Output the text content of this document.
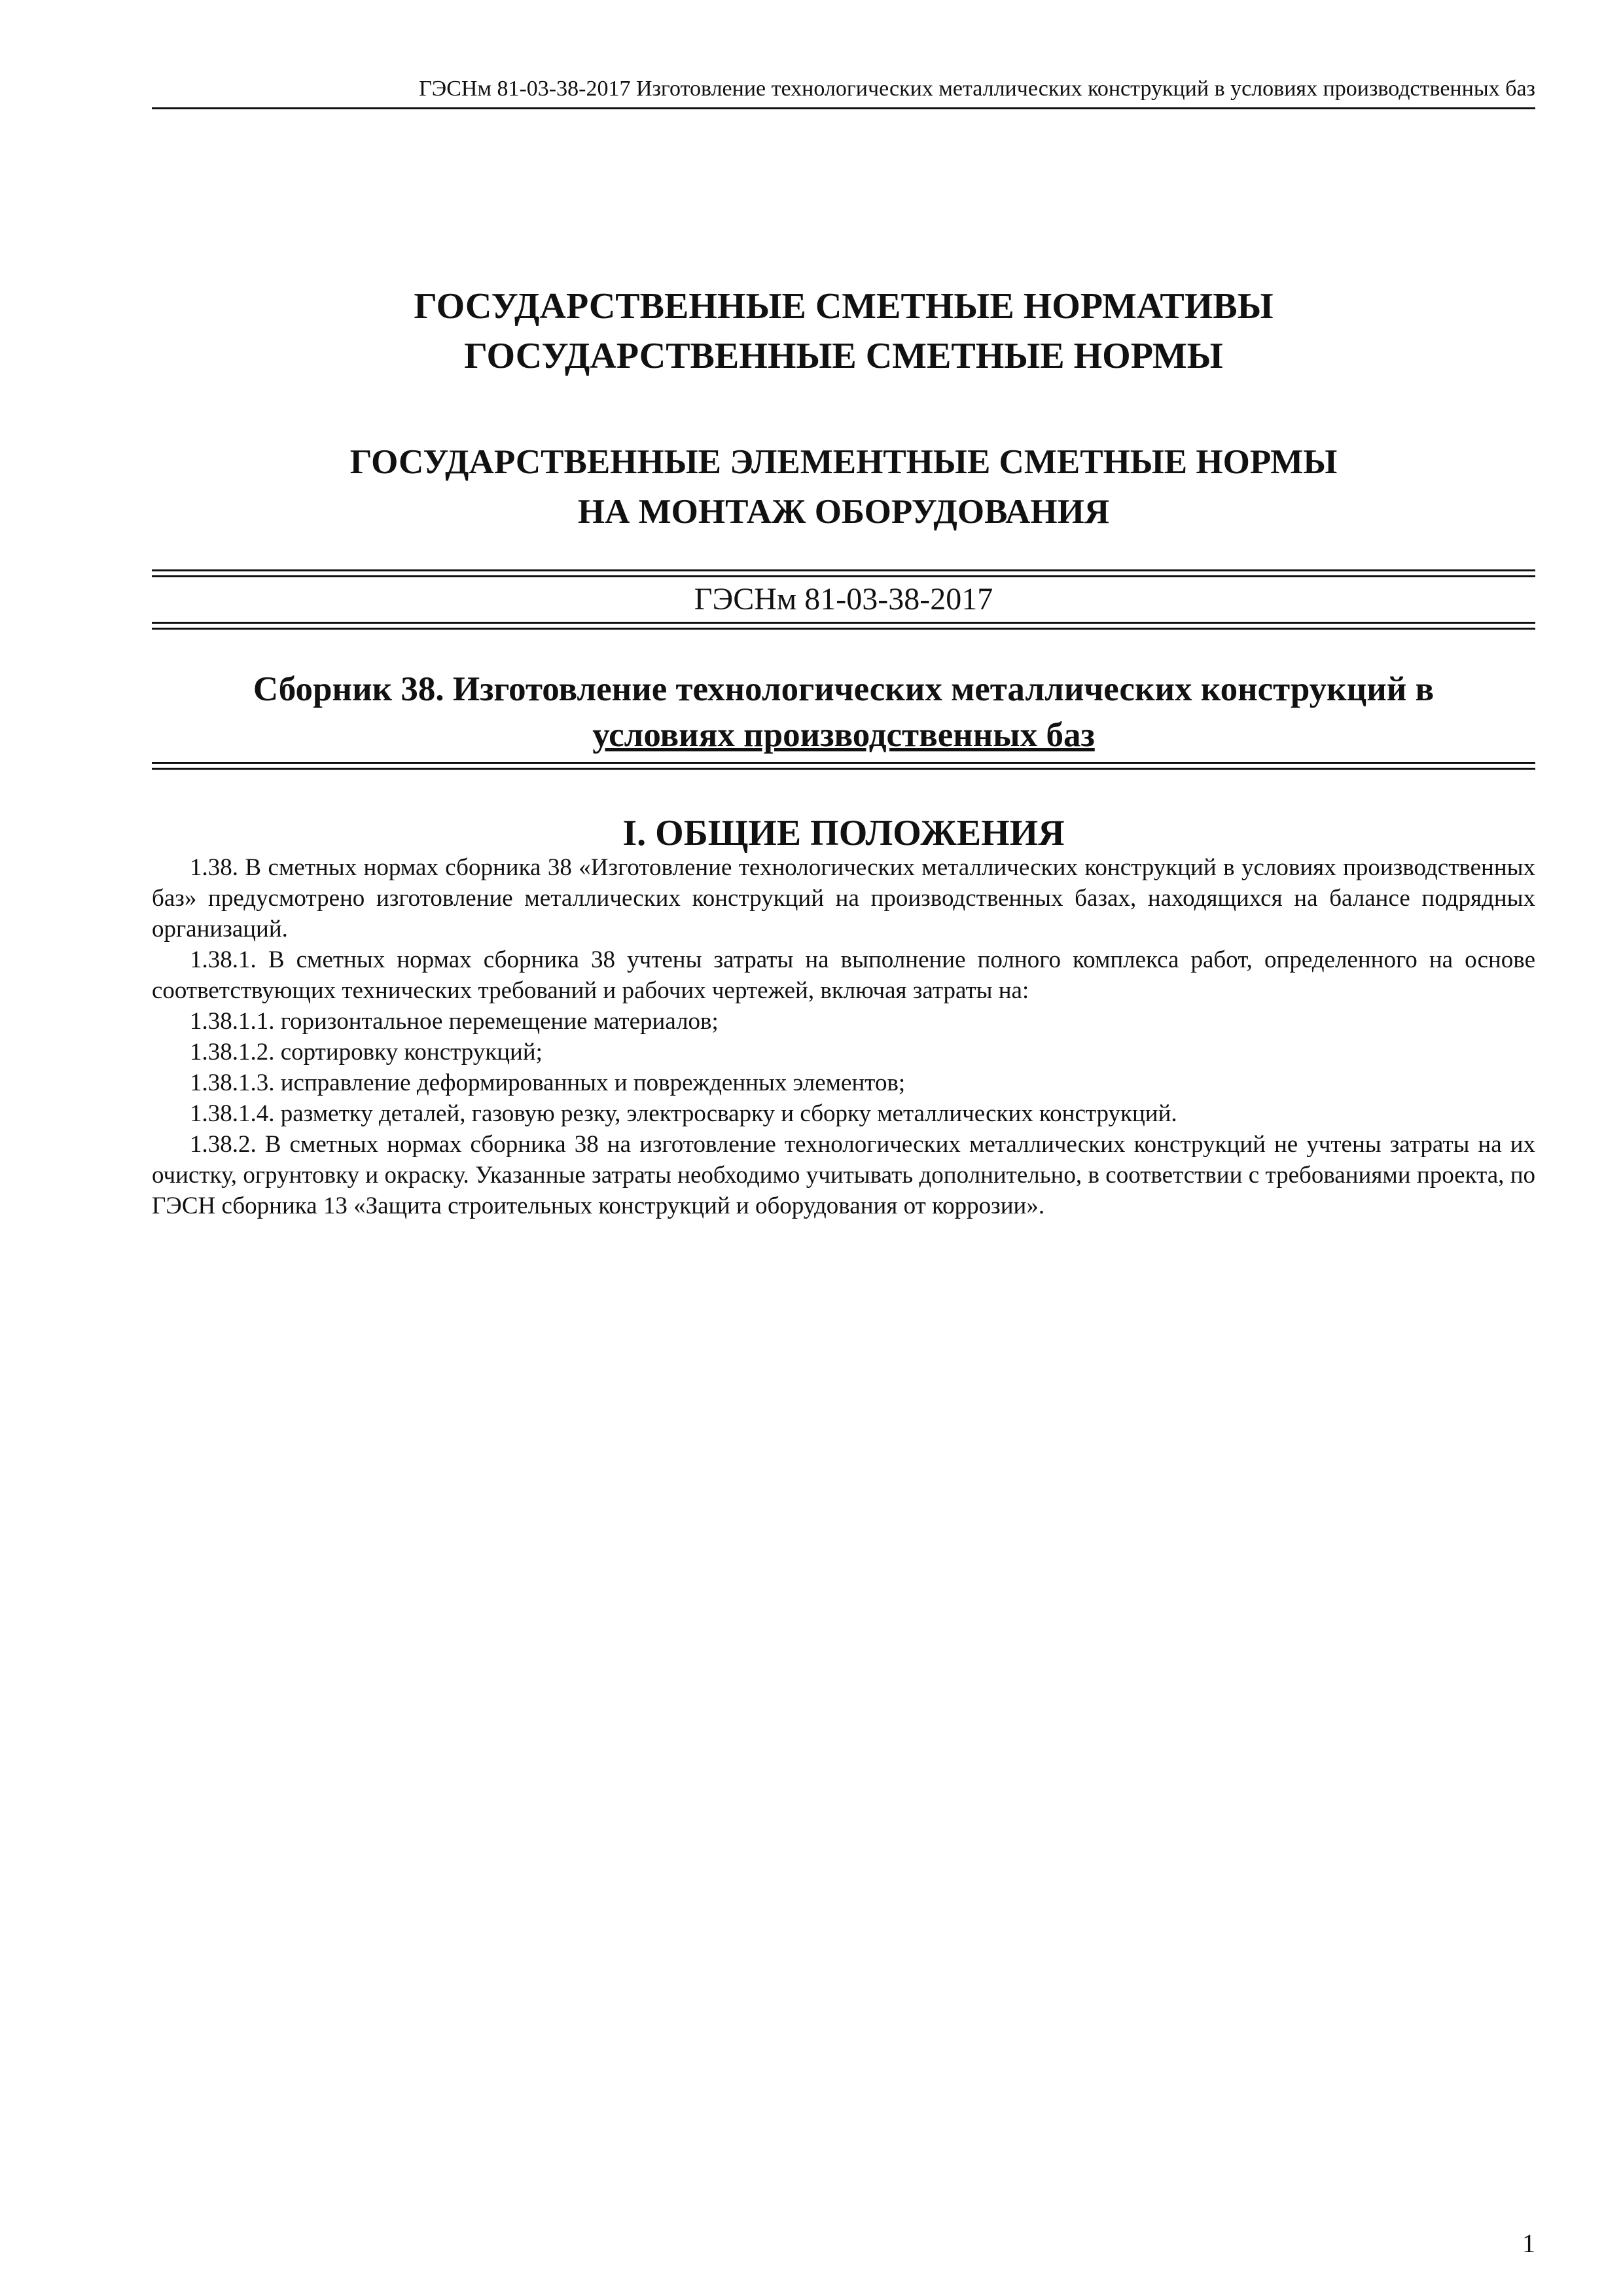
ГЭСНм 81-03-38-2017 Изготовление технологических металлических конструкций в условиях производственных баз
ГОСУДАРСТВЕННЫЕ СМЕТНЫЕ НОРМАТИВЫ
ГОСУДАРСТВЕННЫЕ СМЕТНЫЕ НОРМЫ
ГОСУДАРСТВЕННЫЕ ЭЛЕМЕНТНЫЕ СМЕТНЫЕ НОРМЫ
НА МОНТАЖ ОБОРУДОВАНИЯ
ГЭСНм 81-03-38-2017
Сборник 38. Изготовление технологических металлических конструкций в
условиях производственных баз
I. ОБЩИЕ ПОЛОЖЕНИЯ

1.38. В сметных нормах сборника 38 «Изготовление технологических металлических конструкций в условиях производственных баз» предусмотрено изготовление металлических конструкций на производственных базах, находящихся на балансе подрядных организаций.

1.38.1. В сметных нормах сборника 38 учтены затраты на выполнение полного комплекса работ, определенного на основе соответствующих технических требований и рабочих чертежей, включая затраты на:

1.38.1.1. горизонтальное перемещение материалов;

1.38.1.2. сортировку конструкций;

1.38.1.3. исправление деформированных и поврежденных элементов;

1.38.1.4. разметку деталей, газовую резку, электросварку и сборку металлических конструкций.

1.38.2. В сметных нормах сборника 38 на изготовление технологических металлических конструкций не учтены затраты на их очистку, огрунтовку и окраску. Указанные затраты необходимо учитывать дополнительно, в соответствии с требованиями проекта, по ГЭСН сборника 13 «Защита строительных конструкций и оборудования от коррозии».

1
